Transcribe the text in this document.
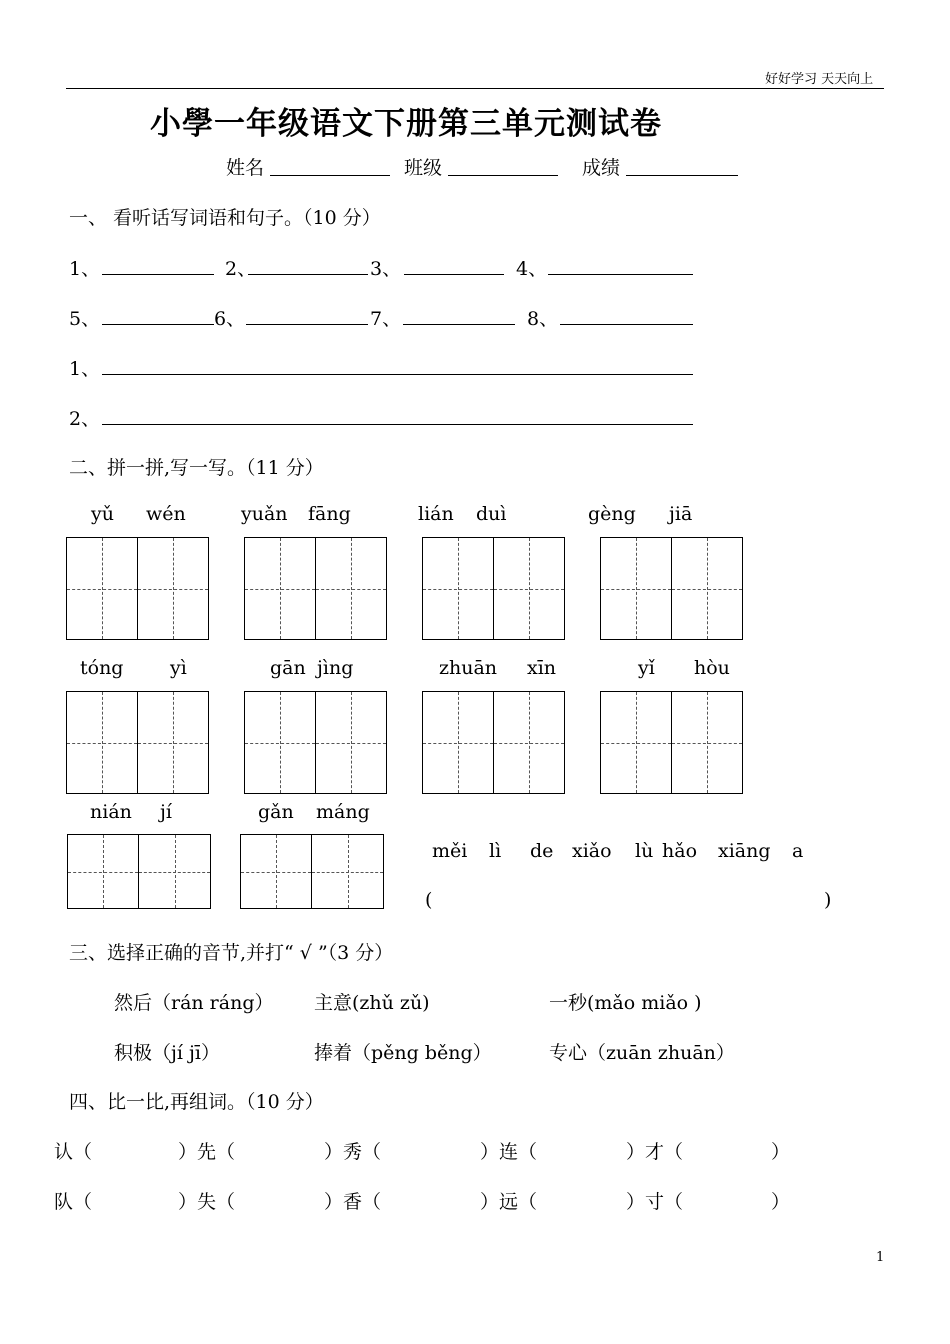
好好学习 天天向上
小學一年级语文下册第三单元测试卷
姓名	班级	成绩
一、 看听话写词语和句子。（10 分）
1、	2、	3、	4、
5、	6、	7、	8、
1、
2、
二、拼一拼,写一写。（11 分）
yǔ wén	yuǎn fāng	lián duì	gèng jiā
tóng yì	gān jìng	zhuān xīn	yǐ hòu
nián jí	gǎn máng
měi lì de xiǎo lù hǎo xiāng a
(	)
三、选择正确的音节,并打“ √ ”（3 分）
然后（rán ráng） 主意(zhǔ zǔ)	一秒(mǎo miǎo )
积极（jí jī）	捧着（pěng běng）	专心（zuān zhuān）
四、比一比,再组词。（10 分）
认（	）先（	）秀（	）连（	）才（	）
队（	）失（	）香（	）远（	）寸（	）
1
